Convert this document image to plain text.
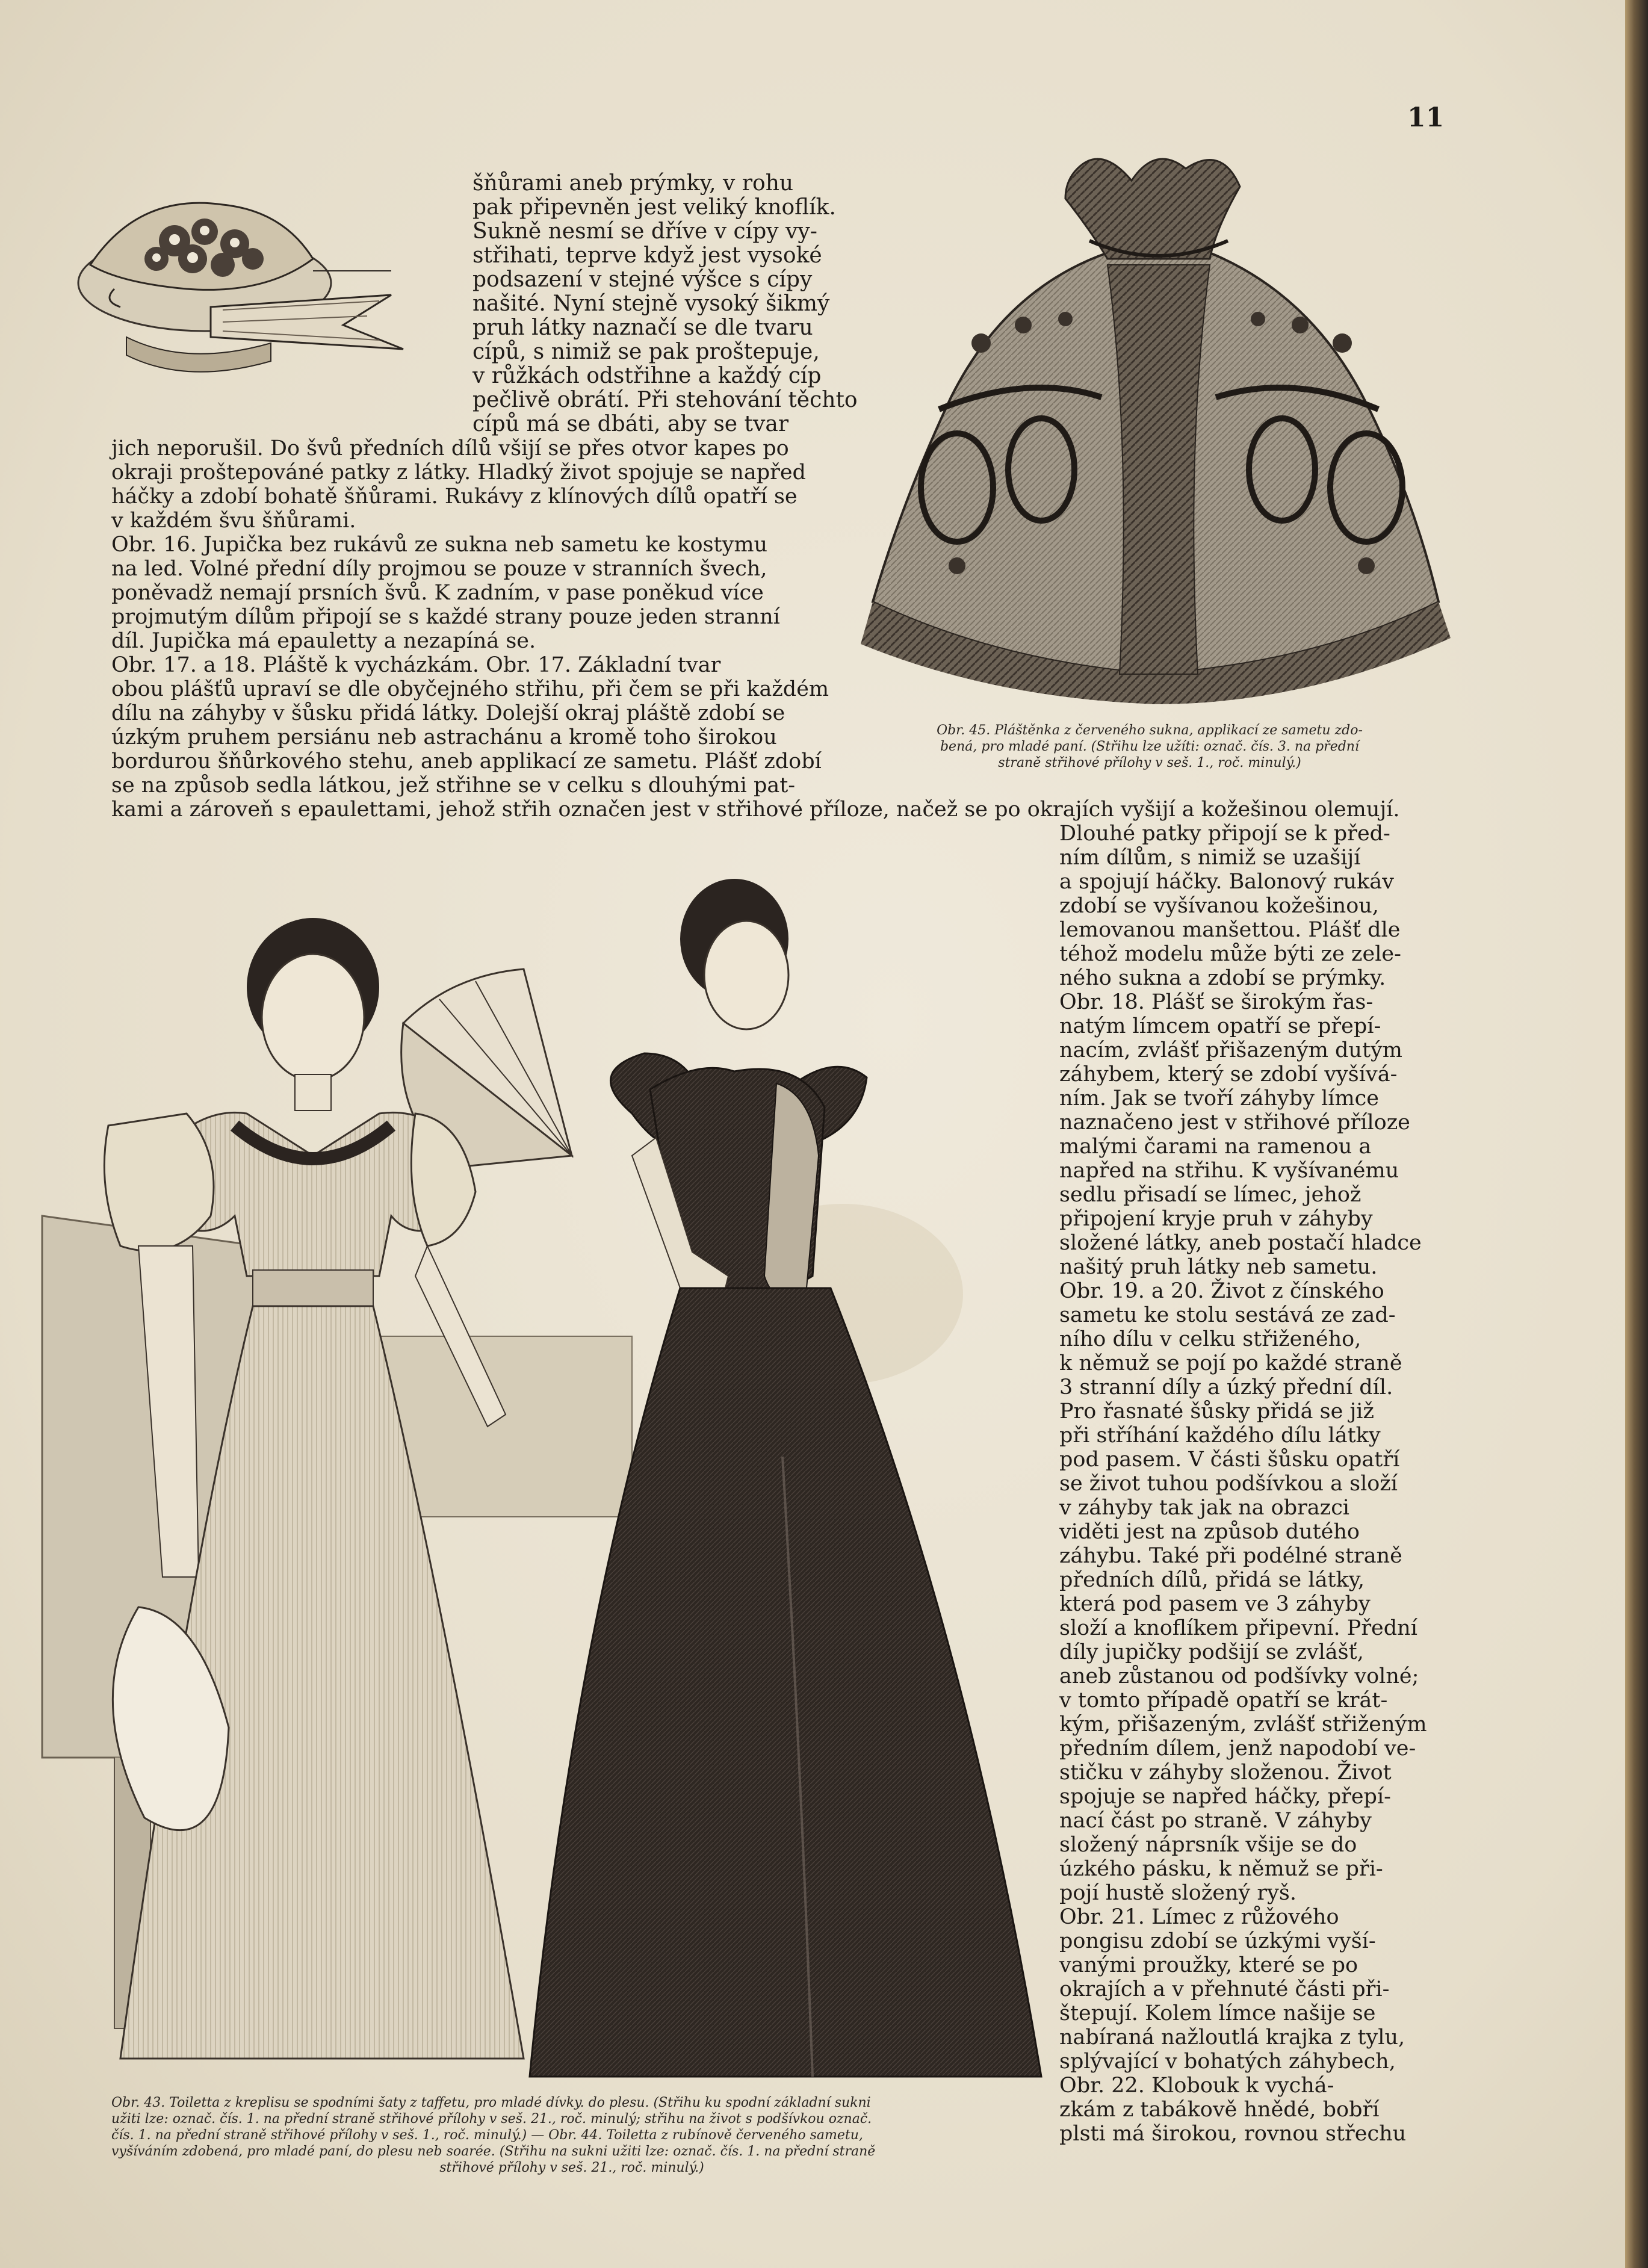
11
šňůrami aneb prýmky, v rohu
pak připevněn jest veliký knoflík.
Sukně nesmí se dříve v cípy vy-
střihati, teprve když jest vysoké
podsazení v stejné výšce s cípy
našité. Nyní stejně vysoký šikmý
pruh látky naznačí se dle tvaru
cípů, s nimiž se pak proštepuje,
v růžkách odstřihne a každý cíp
pečlivě obrátí. Při stehování těchto
cípů má se dbáti, aby se tvar
jich neporušil. Do švů předních dílů všijí se přes otvor kapes po
okraji proštepováné patky z látky. Hladký život spojuje se napřed
háčky a zdobí bohatě šňůrami. Rukávy z klínových dílů opatří se
v každém švu šňůrami.
Obr. 16. Jupička bez rukávů ze sukna neb sametu ke kostymu
na led. Volné přední díly projmou se pouze v stranních švech,
poněvadž nemají prsních švů. K zadním, v pase poněkud více
projmutým dílům připojí se s každé strany pouze jeden stranní
díl. Jupička má epauletty a nezapíná se.
Obr. 17. a 18. Pláště k vycházkám. Obr. 17. Základní tvar
obou plášťů upraví se dle obyčejného střihu, při čem se při každém
dílu na záhyby v šůsku přidá látky. Dolejší okraj pláště zdobí se
úzkým pruhem persiánu neb astrachánu a kromě toho širokou
bordurou šňůrkového stehu, aneb applikací ze sametu. Plášť zdobí
se na způsob sedla látkou, jež střihne se v celku s dlouhými pat-
kami a zároveň s epaulettami, jehož střih označen jest v střihové příloze, načež se po okrajích vyšijí a kožešinou olemují.
Obr. 45. Pláštěnka z červeného sukna, applikací ze sametu zdo-
bená, pro mladé paní. (Střihu lze užíti: označ. čís. 3. na přední
straně střihové přílohy v seš. 1., roč. minulý.)
Obr. 43. Toiletta z kreplisu se spodními šaty z taffetu, pro mladé dívky. do plesu. (Střihu ku spodní základní sukni
užiti lze: označ. čís. 1. na přední straně střihové přílohy v seš. 21., roč. minulý; střihu na život s podšívkou označ.
čís. 1. na přední straně střihové přílohy v seš. 1., roč. minulý.) — Obr. 44. Toiletta z rubínově červeného sametu,
vyšíváním zdobená, pro mladé paní, do plesu neb soarée. (Střihu na sukni užiti lze: označ. čís. 1. na přední straně
střihové přílohy v seš. 21., roč. minulý.)
Dlouhé patky připojí se k před-
ním dílům, s nimiž se uzašijí
a spojují háčky. Balonový rukáv
zdobí se vyšívanou kožešinou,
lemovanou manšettou. Plášť dle
téhož modelu může býti ze zele-
ného sukna a zdobí se prýmky.
Obr. 18. Plášť se širokým řas-
natým límcem opatří se přepí-
nacím, zvlášť přišazeným dutým
záhybem, který se zdobí vyšívá-
ním. Jak se tvoří záhyby límce
naznačeno jest v střihové příloze
malými čarami na ramenou a
napřed na střihu. K vyšívanému
sedlu přisadí se límec, jehož
připojení kryje pruh v záhyby
složené látky, aneb postačí hladce
našitý pruh látky neb sametu.
Obr. 19. a 20. Život z čínského
sametu ke stolu sestává ze zad-
ního dílu v celku střiženého,
k němuž se pojí po každé straně
3 stranní díly a úzký přední díl.
Pro řasnaté šůsky přidá se již
při stříhání každého dílu látky
pod pasem. V části šůsku opatří
se život tuhou podšívkou a složí
v záhyby tak jak na obrazci
viděti jest na způsob dutého
záhybu. Také při podélné straně
předních dílů, přidá se látky,
která pod pasem ve 3 záhyby
složí a knoflíkem připevní. Přední
díly jupičky podšijí se zvlášť,
aneb zůstanou od podšívky volné;
v tomto případě opatří se krát-
kým, přišazeným, zvlášť střiženým
předním dílem, jenž napodobí ve-
stičku v záhyby složenou. Život
spojuje se napřed háčky, přepí-
nací část po straně. V záhyby
složený náprsník všije se do
úzkého pásku, k němuž se při-
pojí hustě složený ryš.
Obr. 21. Límec z růžového
pongisu zdobí se úzkými vyší-
vanými proužky, které se po
okrajích a v přehnuté části při-
štepují. Kolem límce našije se
nabíraná nažloutlá krajka z tylu,
splývající v bohatých záhybech,
Obr. 22. Klobouk k vychá-
zkám z tabákově hnědé, bobří
plsti má širokou, rovnou střechu
